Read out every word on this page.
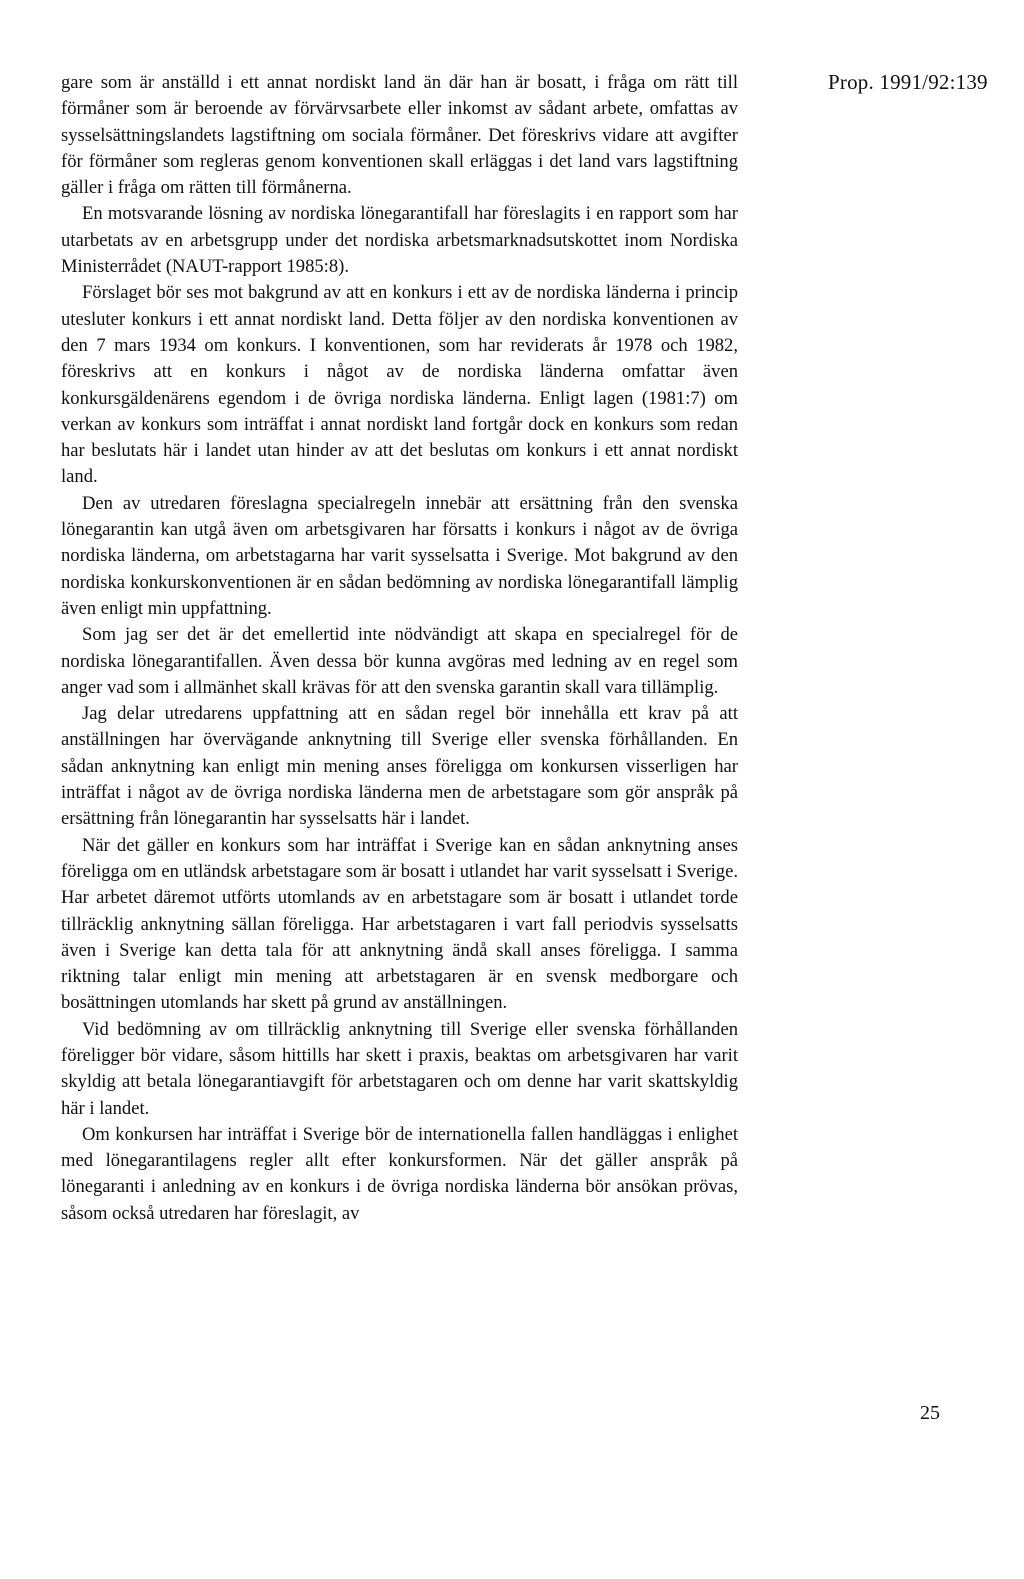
Prop. 1991/92:139

gare som är anställd i ett annat nordiskt land än där han är bosatt, i fråga om rätt till förmåner som är beroende av förvärvsarbete eller inkomst av sådant arbete, omfattas av sysselsättningslandets lagstiftning om sociala förmåner. Det föreskrivs vidare att avgifter för förmåner som regleras genom konventionen skall erläggas i det land vars lagstiftning gäller i fråga om rätten till förmånerna.

En motsvarande lösning av nordiska lönegarantifall har föreslagits i en rapport som har utarbetats av en arbetsgrupp under det nordiska arbetsmarknadsutskottet inom Nordiska Ministerrådet (NAUT-rapport 1985:8).

Förslaget bör ses mot bakgrund av att en konkurs i ett av de nordiska länderna i princip utesluter konkurs i ett annat nordiskt land. Detta följer av den nordiska konventionen av den 7 mars 1934 om konkurs. I konventionen, som har reviderats år 1978 och 1982, föreskrivs att en konkurs i något av de nordiska länderna omfattar även konkursgäldenärens egendom i de övriga nordiska länderna. Enligt lagen (1981:7) om verkan av konkurs som inträffat i annat nordiskt land fortgår dock en konkurs som redan har beslutats här i landet utan hinder av att det beslutas om konkurs i ett annat nordiskt land.

Den av utredaren föreslagna specialregeln innebär att ersättning från den svenska lönegarantin kan utgå även om arbetsgivaren har försatts i konkurs i något av de övriga nordiska länderna, om arbetstagarna har varit sysselsatta i Sverige. Mot bakgrund av den nordiska konkurskonventionen är en sådan bedömning av nordiska lönegarantifall lämplig även enligt min uppfattning.

Som jag ser det är det emellertid inte nödvändigt att skapa en specialregel för de nordiska lönegarantifallen. Även dessa bör kunna avgöras med ledning av en regel som anger vad som i allmänhet skall krävas för att den svenska garantin skall vara tillämplig.

Jag delar utredarens uppfattning att en sådan regel bör innehålla ett krav på att anställningen har övervägande anknytning till Sverige eller svenska förhållanden. En sådan anknytning kan enligt min mening anses föreligga om konkursen visserligen har inträffat i något av de övriga nordiska länderna men de arbetstagare som gör anspråk på ersättning från lönegarantin har sysselsatts här i landet.

När det gäller en konkurs som har inträffat i Sverige kan en sådan anknytning anses föreligga om en utländsk arbetstagare som är bosatt i utlandet har varit sysselsatt i Sverige. Har arbetet däremot utförts utomlands av en arbetstagare som är bosatt i utlandet torde tillräcklig anknytning sällan föreligga. Har arbetstagaren i vart fall periodvis sysselsatts även i Sverige kan detta tala för att anknytning ändå skall anses föreligga. I samma riktning talar enligt min mening att arbetstagaren är en svensk medborgare och bosättningen utomlands har skett på grund av anställningen.

Vid bedömning av om tillräcklig anknytning till Sverige eller svenska förhållanden föreligger bör vidare, såsom hittills har skett i praxis, beaktas om arbetsgivaren har varit skyldig att betala lönegarantiavgift för arbetstagaren och om denne har varit skattskyldig här i landet.

Om konkursen har inträffat i Sverige bör de internationella fallen handläggas i enlighet med lönegarantilagens regler allt efter konkursformen. När det gäller anspråk på lönegaranti i anledning av en konkurs i de övriga nordiska länderna bör ansökan prövas, såsom också utredaren har föreslagit, av

25
